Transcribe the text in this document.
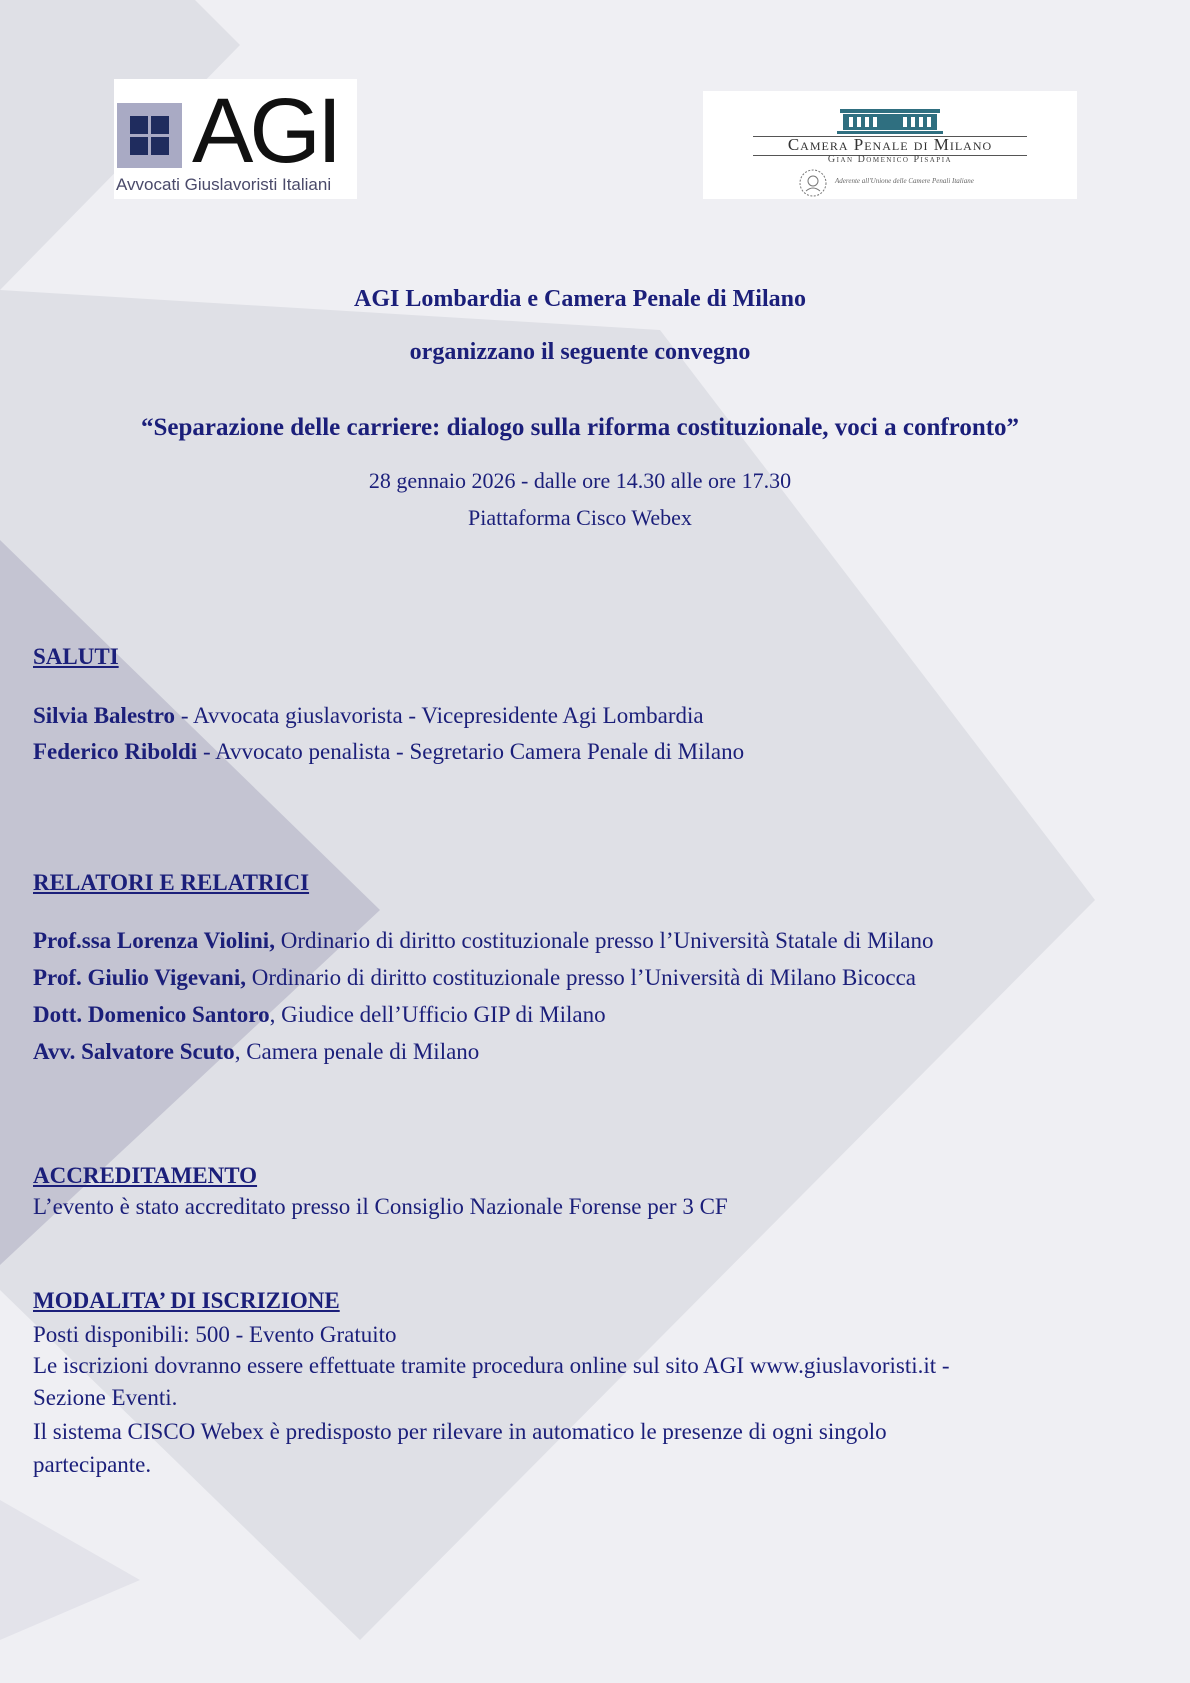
AGI
Avvocati Giuslavoristi Italiani
Camera Penale di Milano
Gian Domenico Pisapia
Aderente all'Unione delle Camere Penali Italiane
AGI Lombardia e Camera Penale di Milano
organizzano il seguente convegno
“Separazione delle carriere: dialogo sulla riforma costituzionale, voci a confronto”
28 gennaio 2026 - dalle ore 14.30 alle ore 17.30
Piattaforma Cisco Webex
SALUTI
Silvia Balestro - Avvocata giuslavorista - Vicepresidente Agi Lombardia
Federico Riboldi - Avvocato penalista - Segretario Camera Penale di Milano
RELATORI E RELATRICI
Prof.ssa Lorenza Violini, Ordinario di diritto costituzionale presso l’Università Statale di Milano
Prof. Giulio Vigevani, Ordinario di diritto costituzionale presso l’Università di Milano Bicocca
Dott. Domenico Santoro, Giudice dell’Ufficio GIP di Milano
Avv. Salvatore Scuto, Camera penale di Milano
ACCREDITAMENTO
L’evento è stato accreditato presso il Consiglio Nazionale Forense per 3 CF
MODALITA’ DI ISCRIZIONE
Posti disponibili: 500 - Evento Gratuito
Le iscrizioni dovranno essere effettuate tramite procedura online sul sito AGI www.giuslavoristi.it -
Sezione Eventi.
Il sistema CISCO Webex è predisposto per rilevare in automatico le presenze di ogni singolo
partecipante.
